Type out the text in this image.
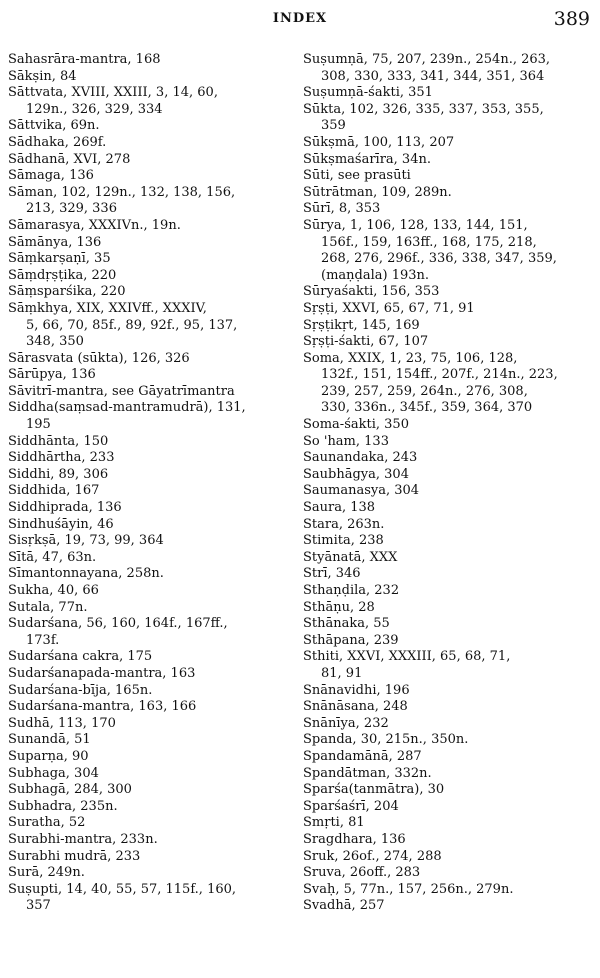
INDEX	389
Sahasrāra-mantra, 168
Sākṣin, 84
Sāttvata, XVIII, XXIII, 3, 14, 60,
129n., 326, 329, 334
Sāttvika, 69n.
Sādhaka, 269f.
Sādhanā, XVI, 278
Sāmaga, 136
Sāman, 102, 129n., 132, 138, 156,
213, 329, 336
Sāmarasya, XXXIVn., 19n.
Sāmānya, 136
Sāṃkarṣaṇī, 35
Sāṃdṛṣṭika, 220
Sāṃsparśika, 220
Sāṃkhya, XIX, XXIVff., XXXIV,
5, 66, 70, 85f., 89, 92f., 95, 137,
348, 350
Sārasvata (sūkta), 126, 326
Sārūpya, 136
Sāvitrī-mantra, see Gāyatrīmantra
Siddha(saṃsad-mantramudrā), 131,
195
Siddhānta, 150
Siddhārtha, 233
Siddhi, 89, 306
Siddhida, 167
Siddhiprada, 136
Sindhuśāyin, 46
Sisṛkṣā, 19, 73, 99, 364
Sītā, 47, 63n.
Sīmantonnayana, 258n.
Sukha, 40, 66
Sutala, 77n.
Sudarśana, 56, 160, 164f., 167ff.,
173f.
Sudarśana cakra, 175
Sudarśanapada-mantra, 163
Sudarśana-bīja, 165n.
Sudarśana-mantra, 163, 166
Sudhā, 113, 170
Sunandā, 51
Suparṇa, 90
Subhaga, 304
Subhagā, 284, 300
Subhadra, 235n.
Suratha, 52
Surabhi-mantra, 233n.
Surabhi mudrā, 233
Surā, 249n.
Suṣupti, 14, 40, 55, 57, 115f., 160,
357
Suṣumṇā, 75, 207, 239n., 254n., 263,
308, 330, 333, 341, 344, 351, 364
Suṣumṇā-śakti, 351
Sūkta, 102, 326, 335, 337, 353, 355,
359
Sūkṣmā, 100, 113, 207
Sūkṣmaśarīra, 34n.
Sūti, see prasūti
Sūtrātman, 109, 289n.
Sūrī, 8, 353
Sūrya, 1, 106, 128, 133, 144, 151,
156f., 159, 163ff., 168, 175, 218,
268, 276, 296f., 336, 338, 347, 359,
(maṇḍala) 193n.
Sūryaśakti, 156, 353
Sṛṣṭi, XXVI, 65, 67, 71, 91
Sṛṣṭikṛt, 145, 169
Sṛṣṭi-śakti, 67, 107
Soma, XXIX, 1, 23, 75, 106, 128,
132f., 151, 154ff., 207f., 214n., 223,
239, 257, 259, 264n., 276, 308,
330, 336n., 345f., 359, 364, 370
Soma-śakti, 350
So 'ham, 133
Saunandaka, 243
Saubhāgya, 304
Saumanasya, 304
Saura, 138
Stara, 263n.
Stimita, 238
Styānatā, XXX
Strī, 346
Sthaṇḍila, 232
Sthāṇu, 28
Sthānaka, 55
Sthāpana, 239
Sthiti, XXVI, XXXIII, 65, 68, 71,
81, 91
Snānavidhi, 196
Snānāsana, 248
Snānīya, 232
Spanda, 30, 215n., 350n.
Spandamānā, 287
Spandātman, 332n.
Sparśa(tanmātra), 30
Sparśaśrī, 204
Smṛti, 81
Sragdhara, 136
Sruk, 26of., 274, 288
Sruva, 26off., 283
Svaḥ, 5, 77n., 157, 256n., 279n.
Svadhā, 257
